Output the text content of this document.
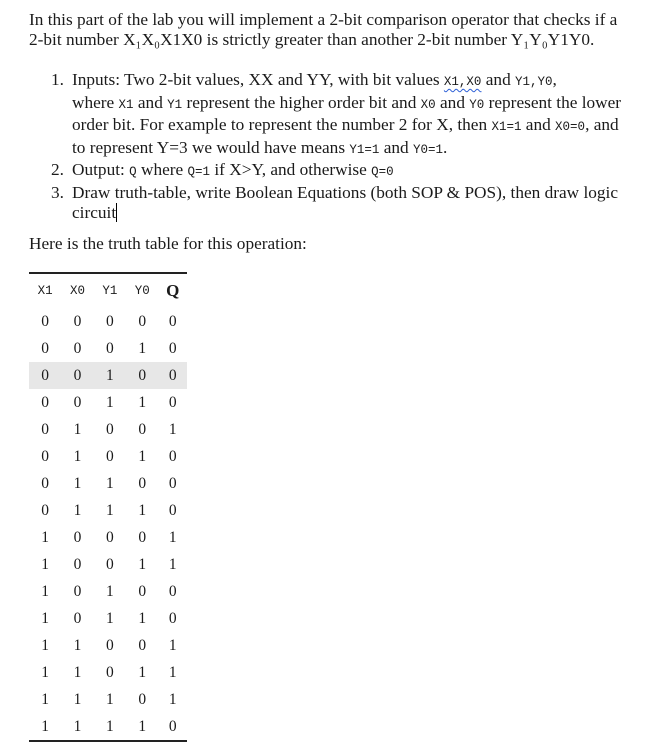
In this part of the lab you will implement a 2-bit comparison operator that checks if a
2-bit number X₁X₀X1X0 is strictly greater than another 2-bit number Y₁Y₀Y1Y0.

1. Inputs: Two 2-bit values, XX and YY, with bit values X1,X0 and Y1,Y0,
where X1 and Y1 represent the higher order bit and X0 and Y0 represent the lower
order bit. For example to represent the number 2 for X, then X1=1 and X0=0, and
to represent Y=3 we would have means Y1=1 and Y0=1.
2. Output: Q where Q=1 if X>Y, and otherwise Q=0
3. Draw truth-table, write Boolean Equations (both SOP & POS), then draw logic
circuit

Here is the truth table for this operation:

X1	X0	Y1	Y0	Q
0	0	0	0	0
0	0	0	1	0
0	0	1	0	0
0	0	1	1	0
0	1	0	0	1
0	1	0	1	0
0	1	1	0	0
0	1	1	1	0
1	0	0	0	1
1	0	0	1	1
1	0	1	0	0
1	0	1	1	0
1	1	0	0	1
1	1	0	1	1
1	1	1	0	1
1	1	1	1	0
